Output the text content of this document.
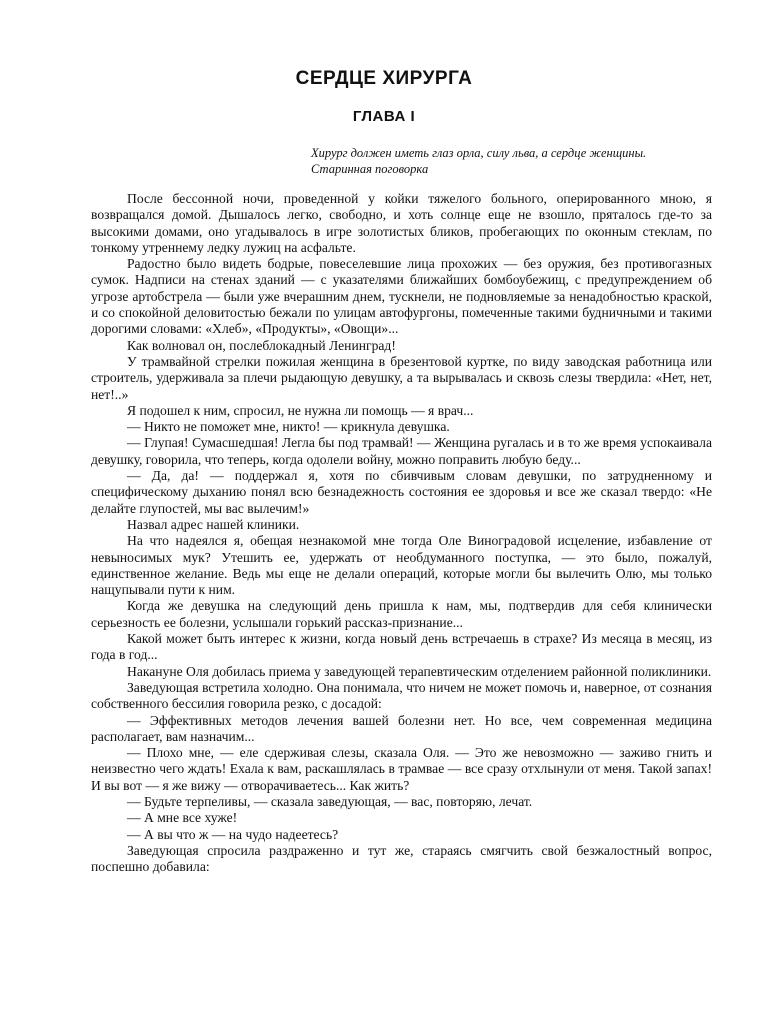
СЕРДЦЕ ХИРУРГА
ГЛАВА I
Хирург должен иметь глаз орла, силу льва, а сердце женщины.
Старинная поговорка

После бессонной ночи, проведенной у койки тяжелого больного, оперированного мною, я возвращался домой. Дышалось легко, свободно, и хоть солнце еще не взошло, пряталось где-то за высокими домами, оно угадывалось в игре золотистых бликов, пробегающих по оконным стеклам, по тонкому утреннему ледку лужиц на асфальте.

Радостно было видеть бодрые, повеселевшие лица прохожих — без оружия, без противогазных сумок. Надписи на стенах зданий — с указателями ближайших бомбоубежищ, с предупреждением об угрозе артобстрела — были уже вчерашним днем, тускнели, не подновляемые за ненадобностью краской, и со спокойной деловитостью бежали по улицам автофургоны, помеченные такими будничными и такими дорогими словами: «Хлеб», «Продукты», «Овощи»...

Как волновал он, послеблокадный Ленинград!

У трамвайной стрелки пожилая женщина в брезентовой куртке, по виду заводская работница или строитель, удерживала за плечи рыдающую девушку, а та вырывалась и сквозь слезы твердила: «Нет, нет, нет!..»

Я подошел к ним, спросил, не нужна ли помощь — я врач...

— Никто не поможет мне, никто! — крикнула девушка.

— Глупая! Сумасшедшая! Легла бы под трамвай! — Женщина ругалась и в то же время успокаивала девушку, говорила, что теперь, когда одолели войну, можно поправить любую беду...

— Да, да! — поддержал я, хотя по сбивчивым словам девушки, по затрудненному и специфическому дыханию понял всю безнадежность состояния ее здоровья и все же сказал твердо: «Не делайте глупостей, мы вас вылечим!»

Назвал адрес нашей клиники.

На что надеялся я, обещая незнакомой мне тогда Оле Виноградовой исцеление, избавление от невыносимых мук? Утешить ее, удержать от необдуманного поступка, — это было, пожалуй, единственное желание. Ведь мы еще не делали операций, которые могли бы вылечить Олю, мы только нащупывали пути к ним.

Когда же девушка на следующий день пришла к нам, мы, подтвердив для себя клинически серьезность ее болезни, услышали горький рассказ-признание...

Какой может быть интерес к жизни, когда новый день встречаешь в страхе? Из месяца в месяц, из года в год...

Накануне Оля добилась приема у заведующей терапевтическим отделением районной поликлиники.

Заведующая встретила холодно. Она понимала, что ничем не может помочь и, наверное, от сознания собственного бессилия говорила резко, с досадой:

— Эффективных методов лечения вашей болезни нет. Но все, чем современная медицина располагает, вам назначим...

— Плохо мне, — еле сдерживая слезы, сказала Оля. — Это же невозможно — заживо гнить и неизвестно чего ждать! Ехала к вам, раскашлялась в трамвае — все сразу отхлынули от меня. Такой запах! И вы вот — я же вижу — отворачиваетесь... Как жить?

— Будьте терпеливы, — сказала заведующая, — вас, повторяю, лечат.

— А мне все хуже!

— А вы что ж — на чудо надеетесь?

Заведующая спросила раздраженно и тут же, стараясь смягчить свой безжалостный вопрос, поспешно добавила:
